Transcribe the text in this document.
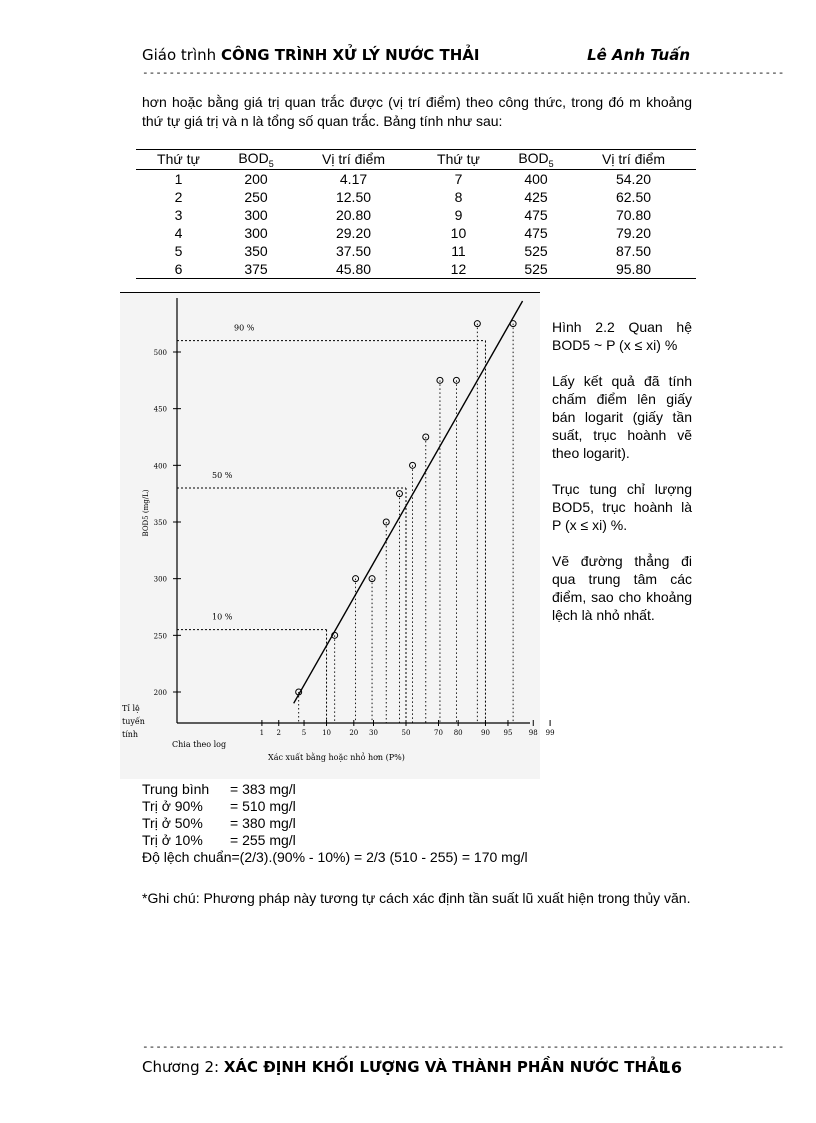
Giáo trình CÔNG TRÌNH XỬ LÝ NƯỚC THẢI	Lê Anh Tuấn
-------------------------------------------------------------------------------------------------
hơn hoặc bằng giá trị quan trắc được (vị trí điểm) theo công thức, trong đó m khoảng thứ tự giá trị và n là tổng số quan trắc. Bảng tính như sau:
Thứ tự	$BOD_5$	Vị trí điểm	Thứ tự	$BOD_5$	Vị trí điểm
1	200	4.17	7	400	54.20
2	250	12.50	8	425	62.50
3	300	20.80	9	475	70.80
4	300	29.20	10	475	79.20
5	350	37.50	11	525	87.50
6	375	45.80	12	525	95.80
200
250
300
350
400
450
500
1 2	5 10	20 30	50	70 80	90 95 98 99
10 %
50 %
90 %
BOD5 (mg/L)
Tỉ lệ
tuyến
tính
Chia theo log
Xác xuất bằng hoặc nhỏ hơn (P%)

Hình 2.2 Quan hệ BOD5 ~ P (x ≤ xi) %

Lấy kết quả đã tính chấm điểm lên giấy bán logarit (giấy tần suất, trục hoành vẽ theo logarit).

Trục tung chỉ lượng BOD5, trục hoành là P (x ≤ xi) %.

Vẽ đường thẳng đi qua trung tâm các điểm, sao cho khoảng lệch là nhỏ nhất.

Trung bình	= 383 mg/l
Trị ở 90%	= 510 mg/l
Trị ở 50%	= 380 mg/l
Trị ở 10%	= 255 mg/l
Độ lệch chuẩn=(2/3).(90% - 10%) = 2/3 (510 - 255) = 170 mg/l
*Ghi chú: Phương pháp này tương tự cách xác định tần suất lũ xuất hiện trong thủy văn.
-------------------------------------------------------------------------------------------------
Chương 2: XÁC ĐỊNH KHỐI LƯỢNG VÀ THÀNH PHẦN NƯỚC THẢI
16
